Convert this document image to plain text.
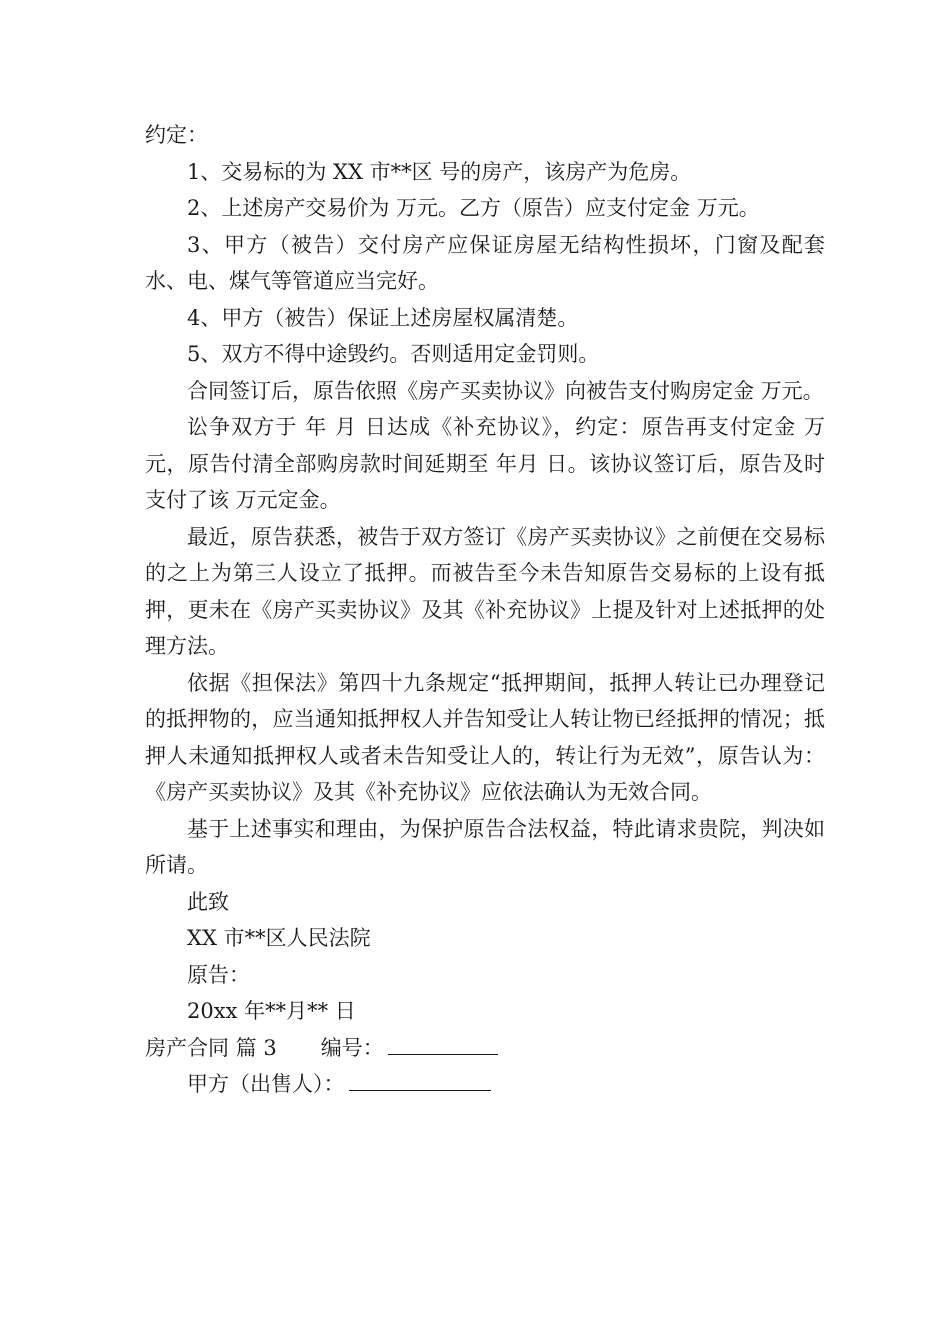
约定：

1、交易标的为 XX 市**区 号的房产，该房产为危房。

2、上述房产交易价为 万元。乙方（原告）应支付定金 万元。

3、甲方（被告）交付房产应保证房屋无结构性损坏，门窗及配套水、电、煤气等管道应当完好。

4、甲方（被告）保证上述房屋权属清楚。

5、双方不得中途毁约。否则适用定金罚则。

合同签订后，原告依照《房产买卖协议》向被告支付购房定金 万元。

讼争双方于 年 月 日达成《补充协议》，约定：原告再支付定金 万元，原告付清全部购房款时间延期至 年月 日。该协议签订后，原告及时支付了该 万元定金。

最近，原告获悉，被告于双方签订《房产买卖协议》之前便在交易标的之上为第三人设立了抵押。而被告至今未告知原告交易标的上设有抵押，更未在《房产买卖协议》及其《补充协议》上提及针对上述抵押的处理方法。

依据《担保法》第四十九条规定“抵押期间，抵押人转让已办理登记的抵押物的，应当通知抵押权人并告知受让人转让物已经抵押的情况；抵押人未通知抵押权人或者未告知受让人的，转让行为无效”，原告认为：《房产买卖协议》及其《补充协议》应依法确认为无效合同。

基于上述事实和理由，为保护原告合法权益，特此请求贵院，判决如所请。

此致

XX 市**区人民法院

原告：

20xx 年**月** 日

房产合同 篇 3 编号：

甲方（出售人）：
